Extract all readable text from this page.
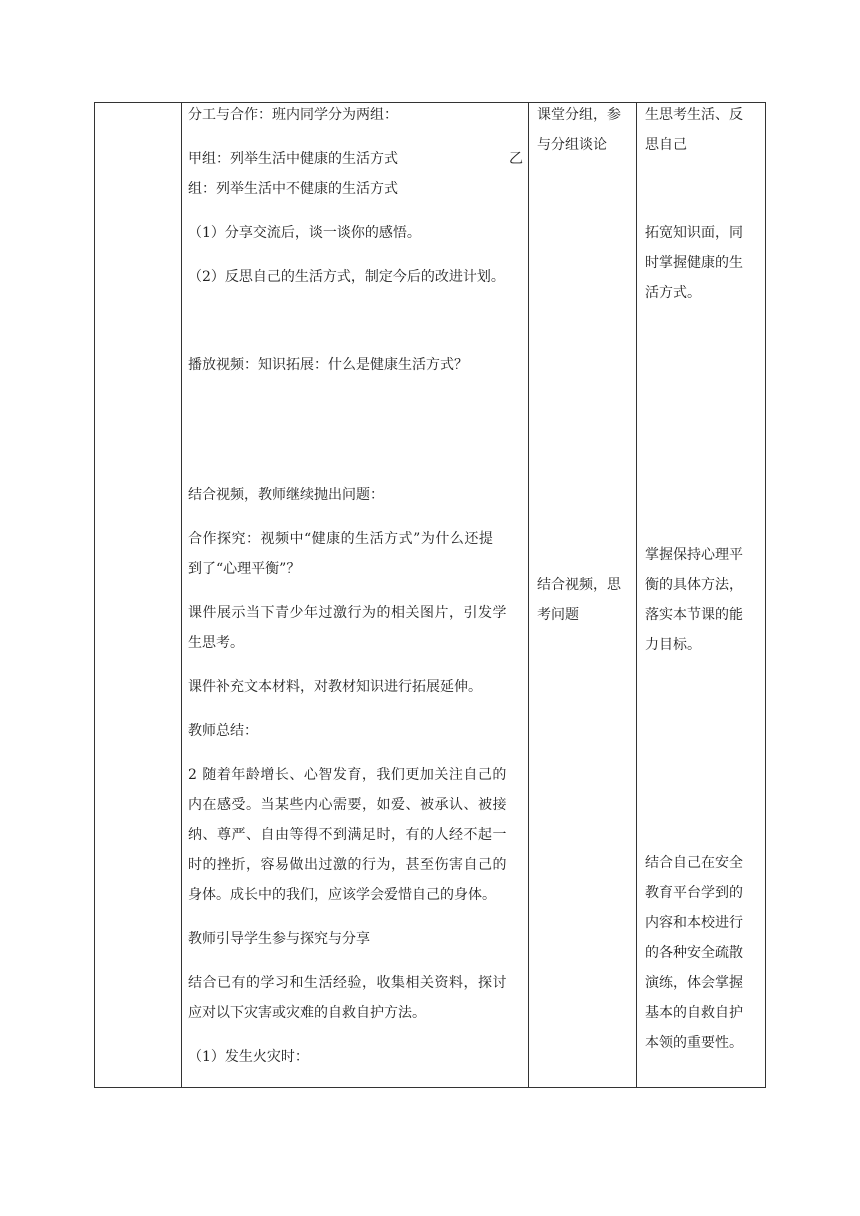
分工与合作：班内同学分为两组：
甲组：列举生活中健康的生活方式	乙
组：列举生活中不健康的生活方式
（1）分享交流后，谈一谈你的感悟。
（2）反思自己的生活方式，制定今后的改进计划。
播放视频：知识拓展：什么是健康生活方式？
结合视频，教师继续抛出问题：
合作探究：视频中“健康的生活方式”为什么还提
到了“心理平衡”？
课件展示当下青少年过激行为的相关图片，引发学
生思考。
课件补充文本材料，对教材知识进行拓展延伸。
教师总结：
2 随着年龄增长、心智发育，我们更加关注自己的
内在感受。当某些内心需要，如爱、被承认、被接
纳、尊严、自由等得不到满足时，有的人经不起一
时的挫折，容易做出过激的行为，甚至伤害自己的
身体。成长中的我们，应该学会爱惜自己的身体。
教师引导学生参与探究与分享
结合已有的学习和生活经验，收集相关资料，探讨
应对以下灾害或灾难的自救自护方法。
（1）发生火灾时：
课堂分组，参
与分组谈论
结合视频，思
考问题
生思考生活、反
思自己
拓宽知识面，同
时掌握健康的生
活方式。
掌握保持心理平
衡的具体方法，
落实本节课的能
力目标。
结合自己在安全
教育平台学到的
内容和本校进行
的各种安全疏散
演练，体会掌握
基本的自救自护
本领的重要性。
